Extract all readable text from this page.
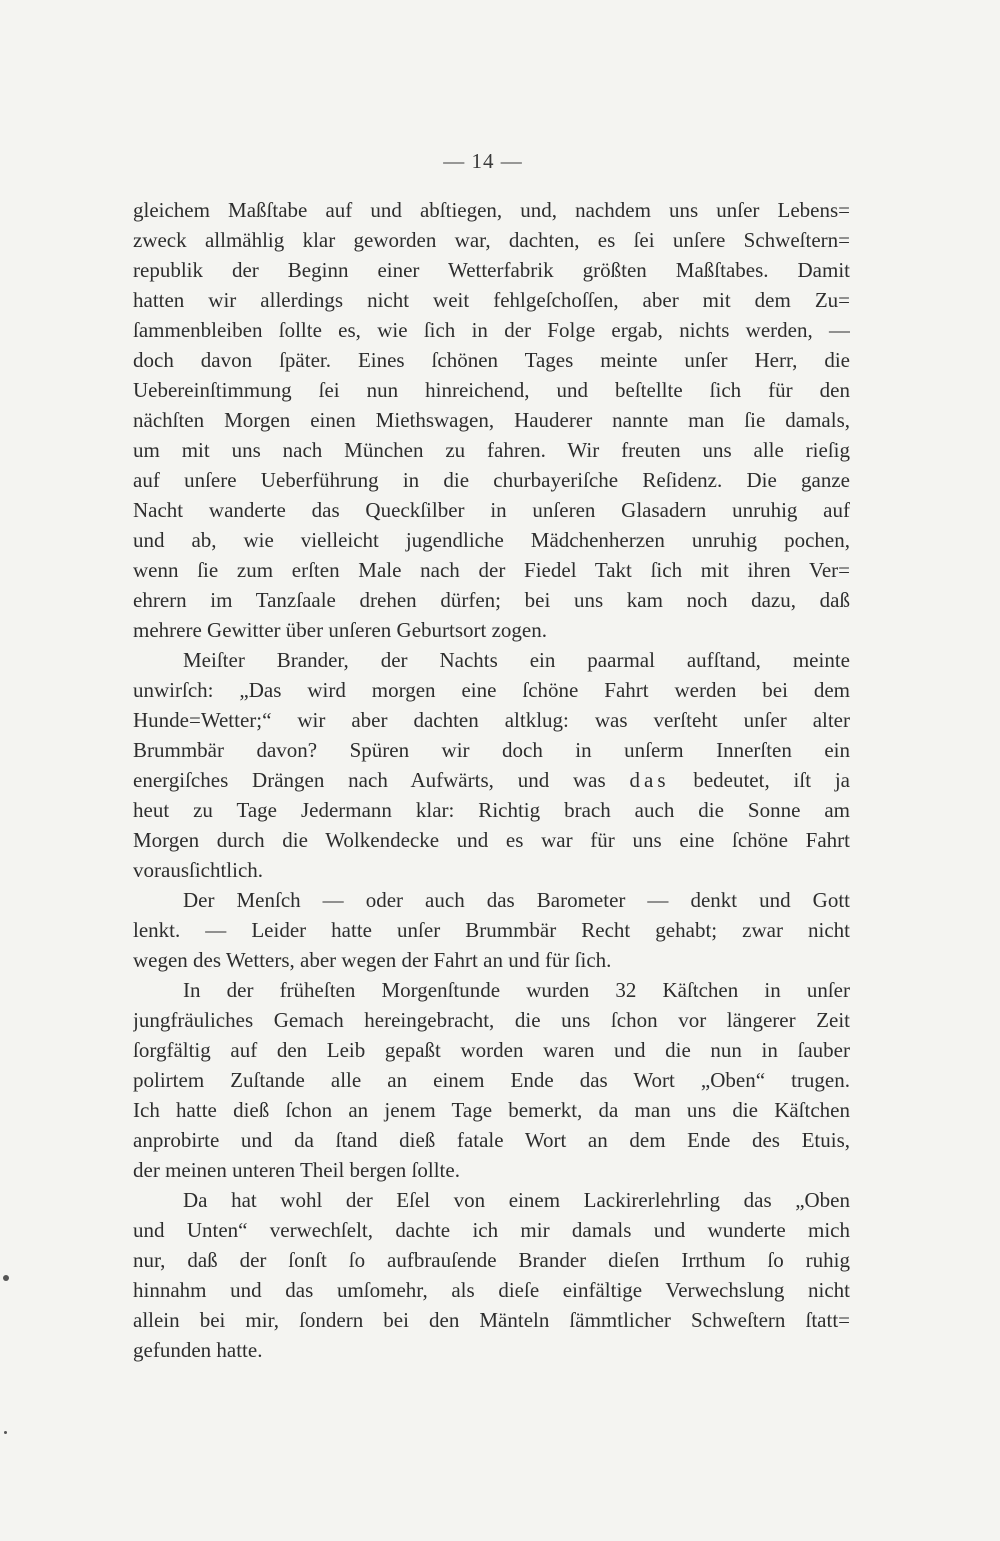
— 14 —
gleichem Maßſtabe auf und abſtiegen, und, nachdem uns unſer Lebens=
zweck allmählig klar geworden war, dachten, es ſei unſere Schweſtern=
republik der Beginn einer Wetterfabrik größten Maßſtabes. Damit
hatten wir allerdings nicht weit fehlgeſchoſſen, aber mit dem Zu=
ſammenbleiben ſollte es, wie ſich in der Folge ergab, nichts werden, —
doch davon ſpäter. Eines ſchönen Tages meinte unſer Herr, die
Uebereinſtimmung ſei nun hinreichend, und beſtellte ſich für den
nächſten Morgen einen Miethswagen, Hauderer nannte man ſie damals,
um mit uns nach München zu fahren. Wir freuten uns alle rieſig
auf unſere Ueberführung in die churbayeriſche Reſidenz. Die ganze
Nacht wanderte das Queckſilber in unſeren Glasadern unruhig auf
und ab, wie vielleicht jugendliche Mädchenherzen unruhig pochen,
wenn ſie zum erſten Male nach der Fiedel Takt ſich mit ihren Ver=
ehrern im Tanzſaale drehen dürfen; bei uns kam noch dazu, daß
mehrere Gewitter über unſeren Geburtsort zogen.
Meiſter Brander, der Nachts ein paarmal aufſtand, meinte
unwirſch: „Das wird morgen eine ſchöne Fahrt werden bei dem
Hunde=Wetter;“ wir aber dachten altklug: was verſteht unſer alter
Brummbär davon? Spüren wir doch in unſerm Innerſten ein
energiſches Drängen nach Aufwärts, und was das bedeutet, iſt ja
heut zu Tage Jedermann klar: Richtig brach auch die Sonne am
Morgen durch die Wolkendecke und es war für uns eine ſchöne Fahrt
vorausſichtlich.
Der Menſch — oder auch das Barometer — denkt und Gott
lenkt. — Leider hatte unſer Brummbär Recht gehabt; zwar nicht
wegen des Wetters, aber wegen der Fahrt an und für ſich.
In der früheſten Morgenſtunde wurden 32 Käſtchen in unſer
jungfräuliches Gemach hereingebracht, die uns ſchon vor längerer Zeit
ſorgfältig auf den Leib gepaßt worden waren und die nun in ſauber
polirtem Zuſtande alle an einem Ende das Wort „Oben“ trugen.
Ich hatte dieß ſchon an jenem Tage bemerkt, da man uns die Käſtchen
anprobirte und da ſtand dieß fatale Wort an dem Ende des Etuis,
der meinen unteren Theil bergen ſollte.
Da hat wohl der Eſel von einem Lackirerlehrling das „Oben
und Unten“ verwechſelt, dachte ich mir damals und wunderte mich
nur, daß der ſonſt ſo aufbrauſende Brander dieſen Irrthum ſo ruhig
hinnahm und das umſomehr, als dieſe einfältige Verwechslung nicht
allein bei mir, ſondern bei den Mänteln ſämmtlicher Schweſtern ſtatt=
gefunden hatte.
